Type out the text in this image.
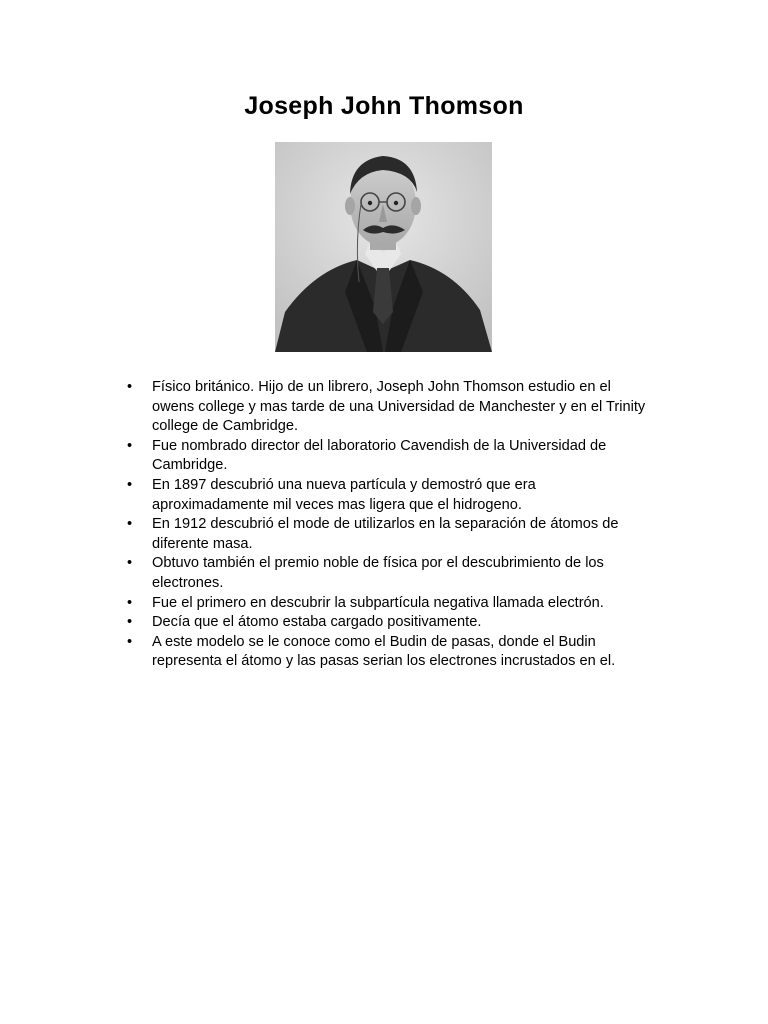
Joseph John Thomson
•	Físico británico. Hijo de un librero, Joseph John Thomson estudio en el owens college y mas tarde de una Universidad de Manchester y en el Trinity college de Cambridge.
•	Fue nombrado director del laboratorio Cavendish de la Universidad de Cambridge.
•	En 1897 descubrió una nueva partícula y demostró que era aproximadamente mil veces mas ligera que el hidrogeno.
•	En 1912 descubrió el mode de utilizarlos en la separación de átomos de diferente masa.
•	Obtuvo también el premio noble de física por el descubrimiento de los electrones.
•	Fue el primero en descubrir la subpartícula negativa llamada electrón.
•	Decía que el átomo estaba cargado positivamente.
•	A este modelo se le conoce como el Budin de pasas, donde el Budin representa el átomo y las pasas serian los electrones incrustados en el.
